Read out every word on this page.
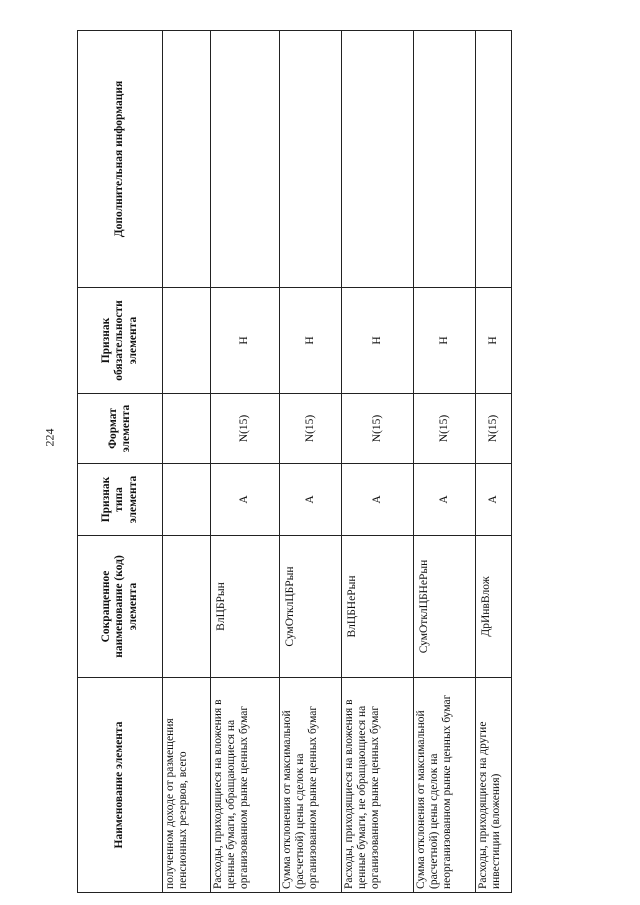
224
Наименование элемента	Сокращенное наименование (код) элемента	Признак типа элемента	Формат элемента	Признак обязательности элемента	Дополнительная информация
полученном доходе от размещения пенсионных резервов, всего					
Расходы, приходящиеся на вложения в ценные бумаги, обращающиеся на организованном рынке ценных бумаг	ВлЦБРын	А	N(15)	Н	
Сумма отклонения от максимальной (расчетной) цены сделок на организованном рынке ценных бумаг	СумОтклЦБРын	А	N(15)	Н	
Расходы, приходящиеся на вложения в ценные бумаги, не обращающиеся на организованном рынке ценных бумаг	ВлЦБНеРын	А	N(15)	Н	
Сумма отклонения от максимальной (расчетной) цены сделок на неорганизованном рынке ценных бумаг	СумОтклЦБНеРын	А	N(15)	Н	
Расходы, приходящиеся на другие инвестиции (вложения)	ДрИнвВлож	А	N(15)	Н	
